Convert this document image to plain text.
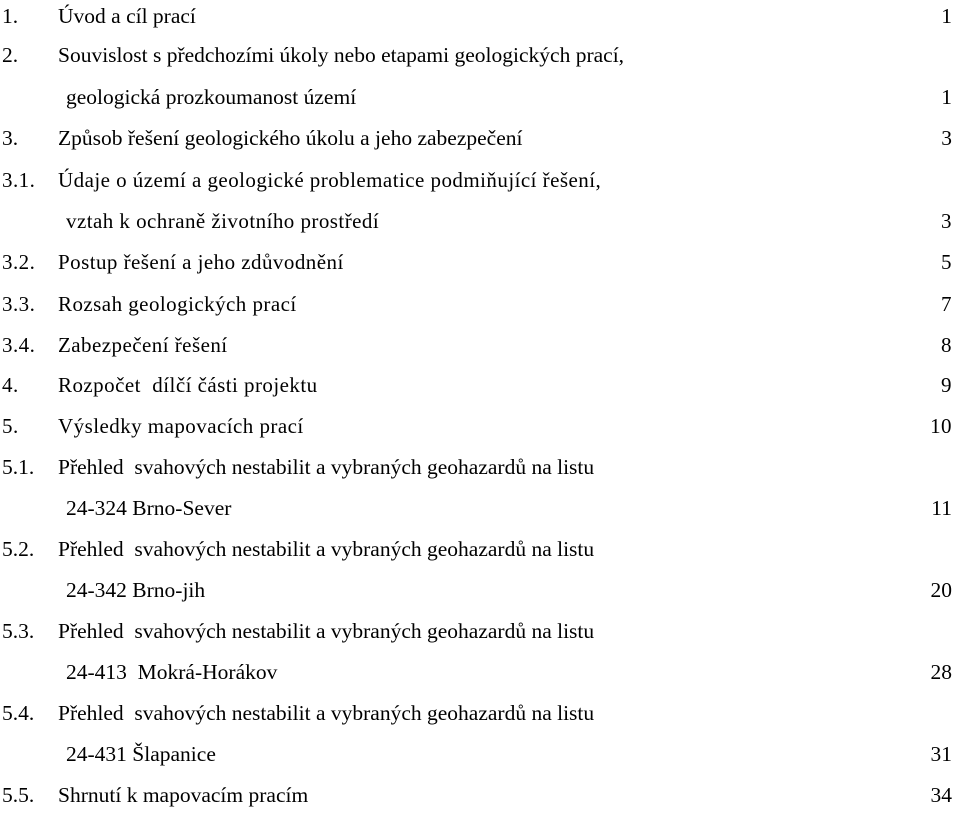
1. Úvod a cíl prací	1
2. Souvislost s předchozími úkoly nebo etapami geologických prací,
geologická prozkoumanost území	1
3. Způsob řešení geologického úkolu a jeho zabezpečení	3
3.1. Údaje o území a geologické problematice podmiňující řešení,
vztah k ochraně životního prostředí	3
3.2. Postup řešení a jeho zdůvodnění	5
3.3. Rozsah geologických prací	7
3.4. Zabezpečení řešení	8
4. Rozpočet  dílčí části projektu	9
5. Výsledky mapovacích prací	10
5.1. Přehled  svahových nestabilit a vybraných geohazardů na listu
24-324 Brno-Sever	11
5.2. Přehled  svahových nestabilit a vybraných geohazardů na listu
24-342 Brno-jih	20
5.3. Přehled  svahových nestabilit a vybraných geohazardů na listu
24-413  Mokrá-Horákov	28
5.4. Přehled  svahových nestabilit a vybraných geohazardů na listu
24-431 Šlapanice	31
5.5. Shrnutí k mapovacím pracím	34
